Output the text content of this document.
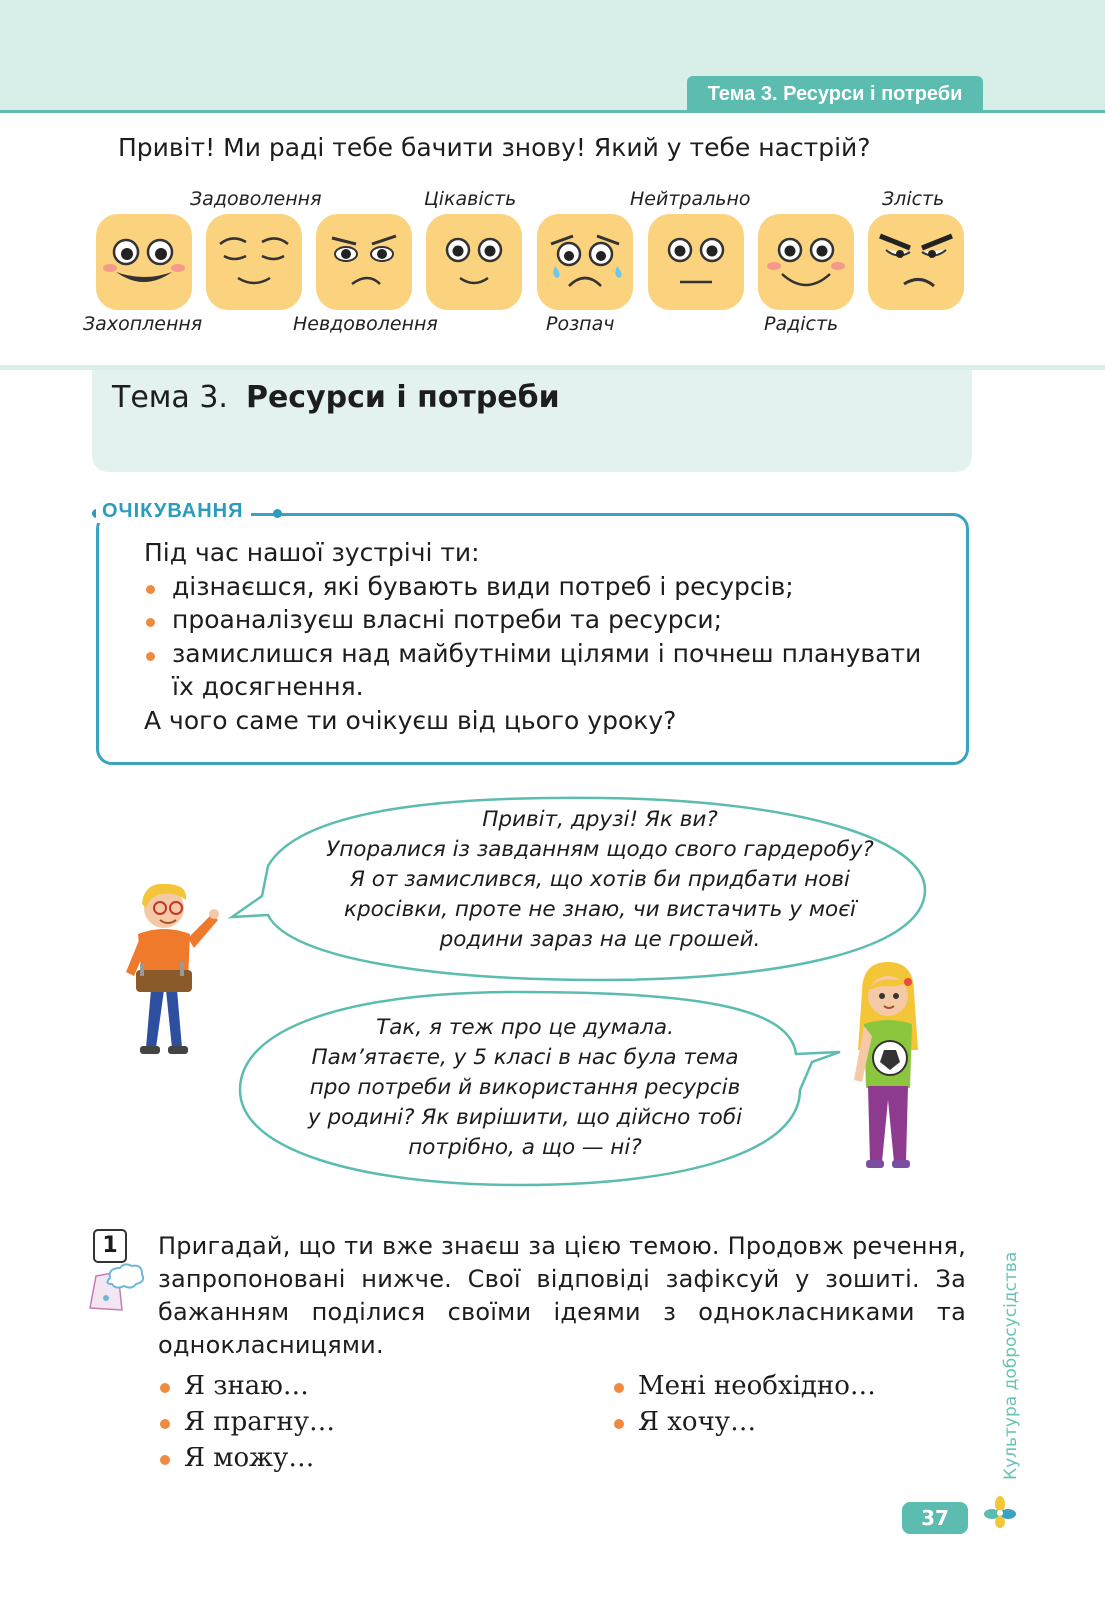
Тема 3. Ресурси і потреби
Привіт! Ми раді тебе бачити знову! Який у тебе настрій?
Задоволення	Цікавість	Нейтрально	Злість
Захоплення	Невдоволення	Розпач	Радість
Тема 3. Ресурси і потреби
ОЧІКУВАННЯ
Під час нашої зустрічі ти:
дізнаєшся, які бувають види потреб і ресурсів;
проаналізуєш власні потреби та ресурси;
замислишся над майбутніми цілями і почнеш планувати їх досягнення.
А чого саме ти очікуєш від цього уроку?
Привіт, друзі! Як ви?
Упоралися із завданням щодо свого гардеробу?
Я от замислився, що хотів би придбати нові
кросівки, проте не знаю, чи вистачить у моєї
родини зараз на це грошей.
Так, я теж про це думала.
Пам’ятаєте, у 5 класі в нас була тема
про потреби й використання ресурсів
у родині? Як вирішити, що дійсно тобі
потрібно, а що — ні?
1	Пригадай, що ти вже знаєш за цією темою. Продовж речення, запропоновані нижче. Свої відповіді зафіксуй у зошиті. За бажанням поділися своїми ідеями з однокласниками та однокласницями.
Я знаю…
Я прагну…
Я можу…
Мені необхідно…
Я хочу…	Культура добросусідства
37
